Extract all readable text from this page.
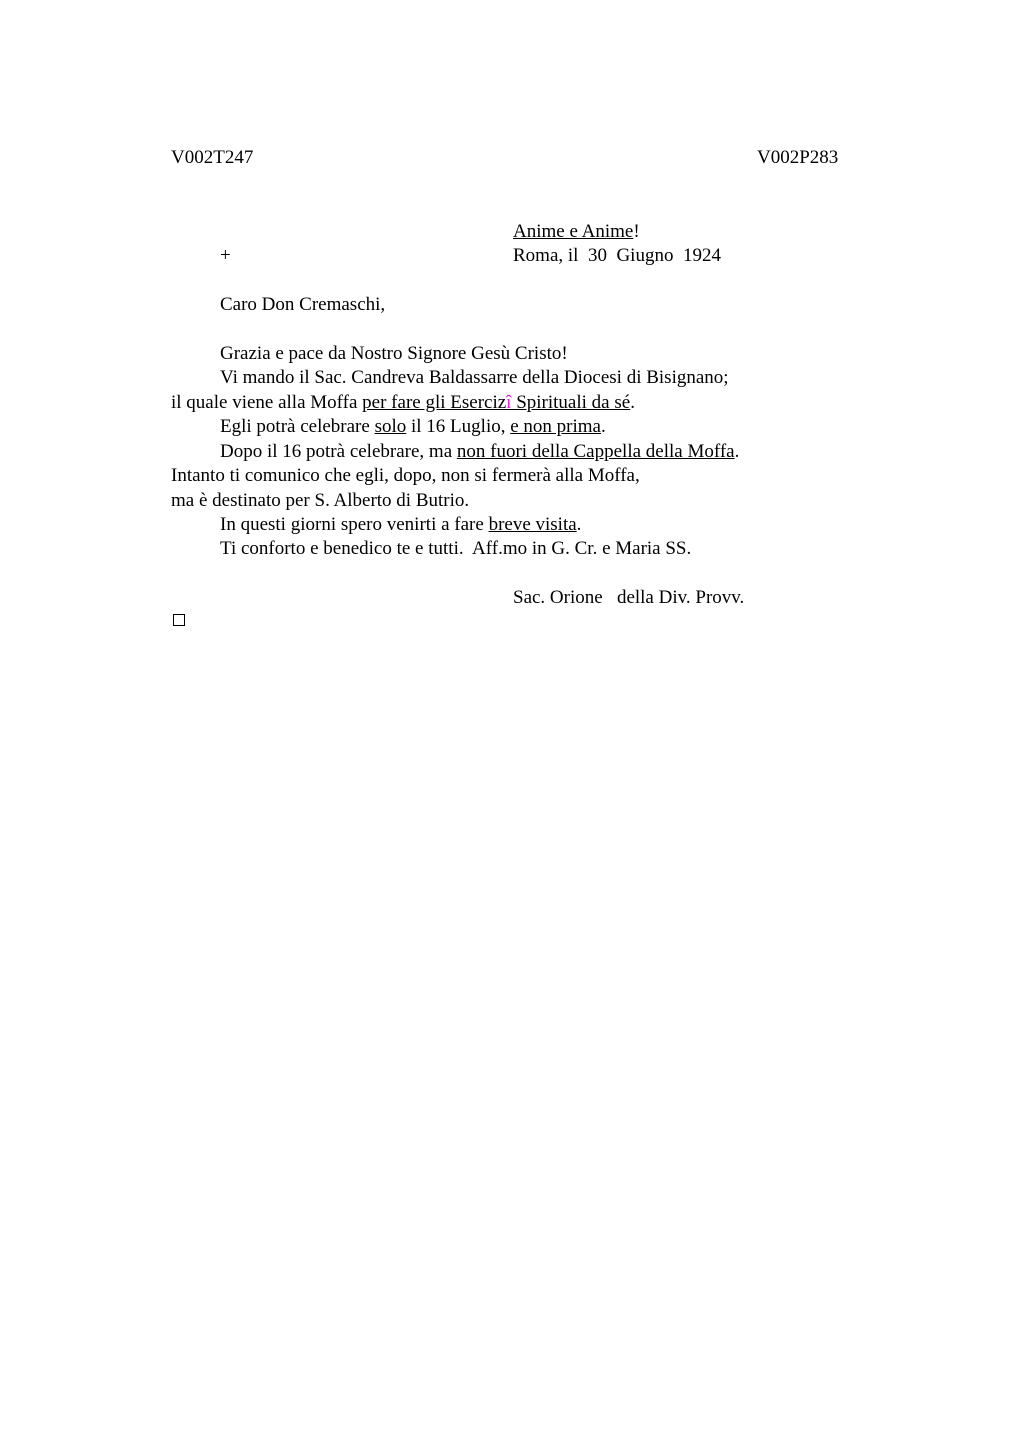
V002T247	V002P283
Anime e Anime!
+	Roma, il  30  Giugno  1924
Caro Don Cremaschi,
Grazia e pace da Nostro Signore Gesù Cristo!
Vi mando il Sac. Candreva Baldassarre della Diocesi di Bisignano;
il quale viene alla Moffa per fare gli Esercizî Spirituali da sé.
Egli potrà celebrare solo il 16 Luglio, e non prima.
Dopo il 16 potrà celebrare, ma non fuori della Cappella della Moffa.
Intanto ti comunico che egli, dopo, non si fermerà alla Moffa,
ma è destinato per S. Alberto di Butrio.
In questi giorni spero venirti a fare breve visita.
Ti conforto e benedico te e tutti.  Aff.mo in G. Cr. e Maria SS.
Sac. Orione   della Div. Provv.
